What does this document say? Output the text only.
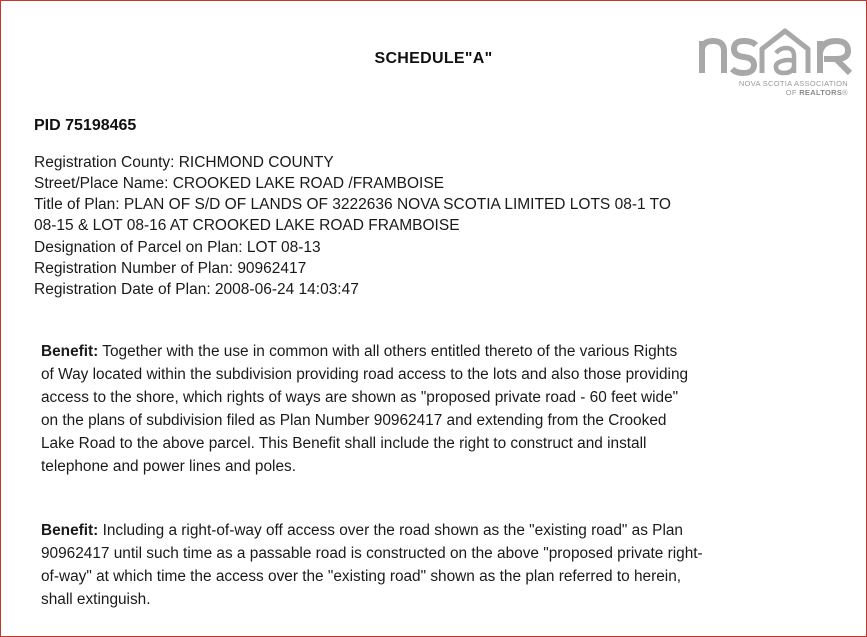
SCHEDULE"A"
NOVA SCOTIA ASSOCIATION
OF REALTORS®
PID 75198465
Registration County: RICHMOND COUNTY
Street/Place Name: CROOKED LAKE ROAD /FRAMBOISE
Title of Plan: PLAN OF S/D OF LANDS OF 3222636 NOVA SCOTIA LIMITED LOTS 08-1 TO
08-15 & LOT 08-16 AT CROOKED LAKE ROAD FRAMBOISE
Designation of Parcel on Plan: LOT 08-13
Registration Number of Plan: 90962417
Registration Date of Plan: 2008-06-24 14:03:47
Benefit: Together with the use in common with all others entitled thereto of the various Rights
of Way located within the subdivision providing road access to the lots and also those providing
access to the shore, which rights of ways are shown as "proposed private road - 60 feet wide"
on the plans of subdivision filed as Plan Number 90962417 and extending from the Crooked
Lake Road to the above parcel. This Benefit shall include the right to construct and install
telephone and power lines and poles.
Benefit: Including a right-of-way off access over the road shown as the "existing road" as Plan
90962417 until such time as a passable road is constructed on the above "proposed private right-
of-way" at which time the access over the "existing road" shown as the plan referred to herein,
shall extinguish.
